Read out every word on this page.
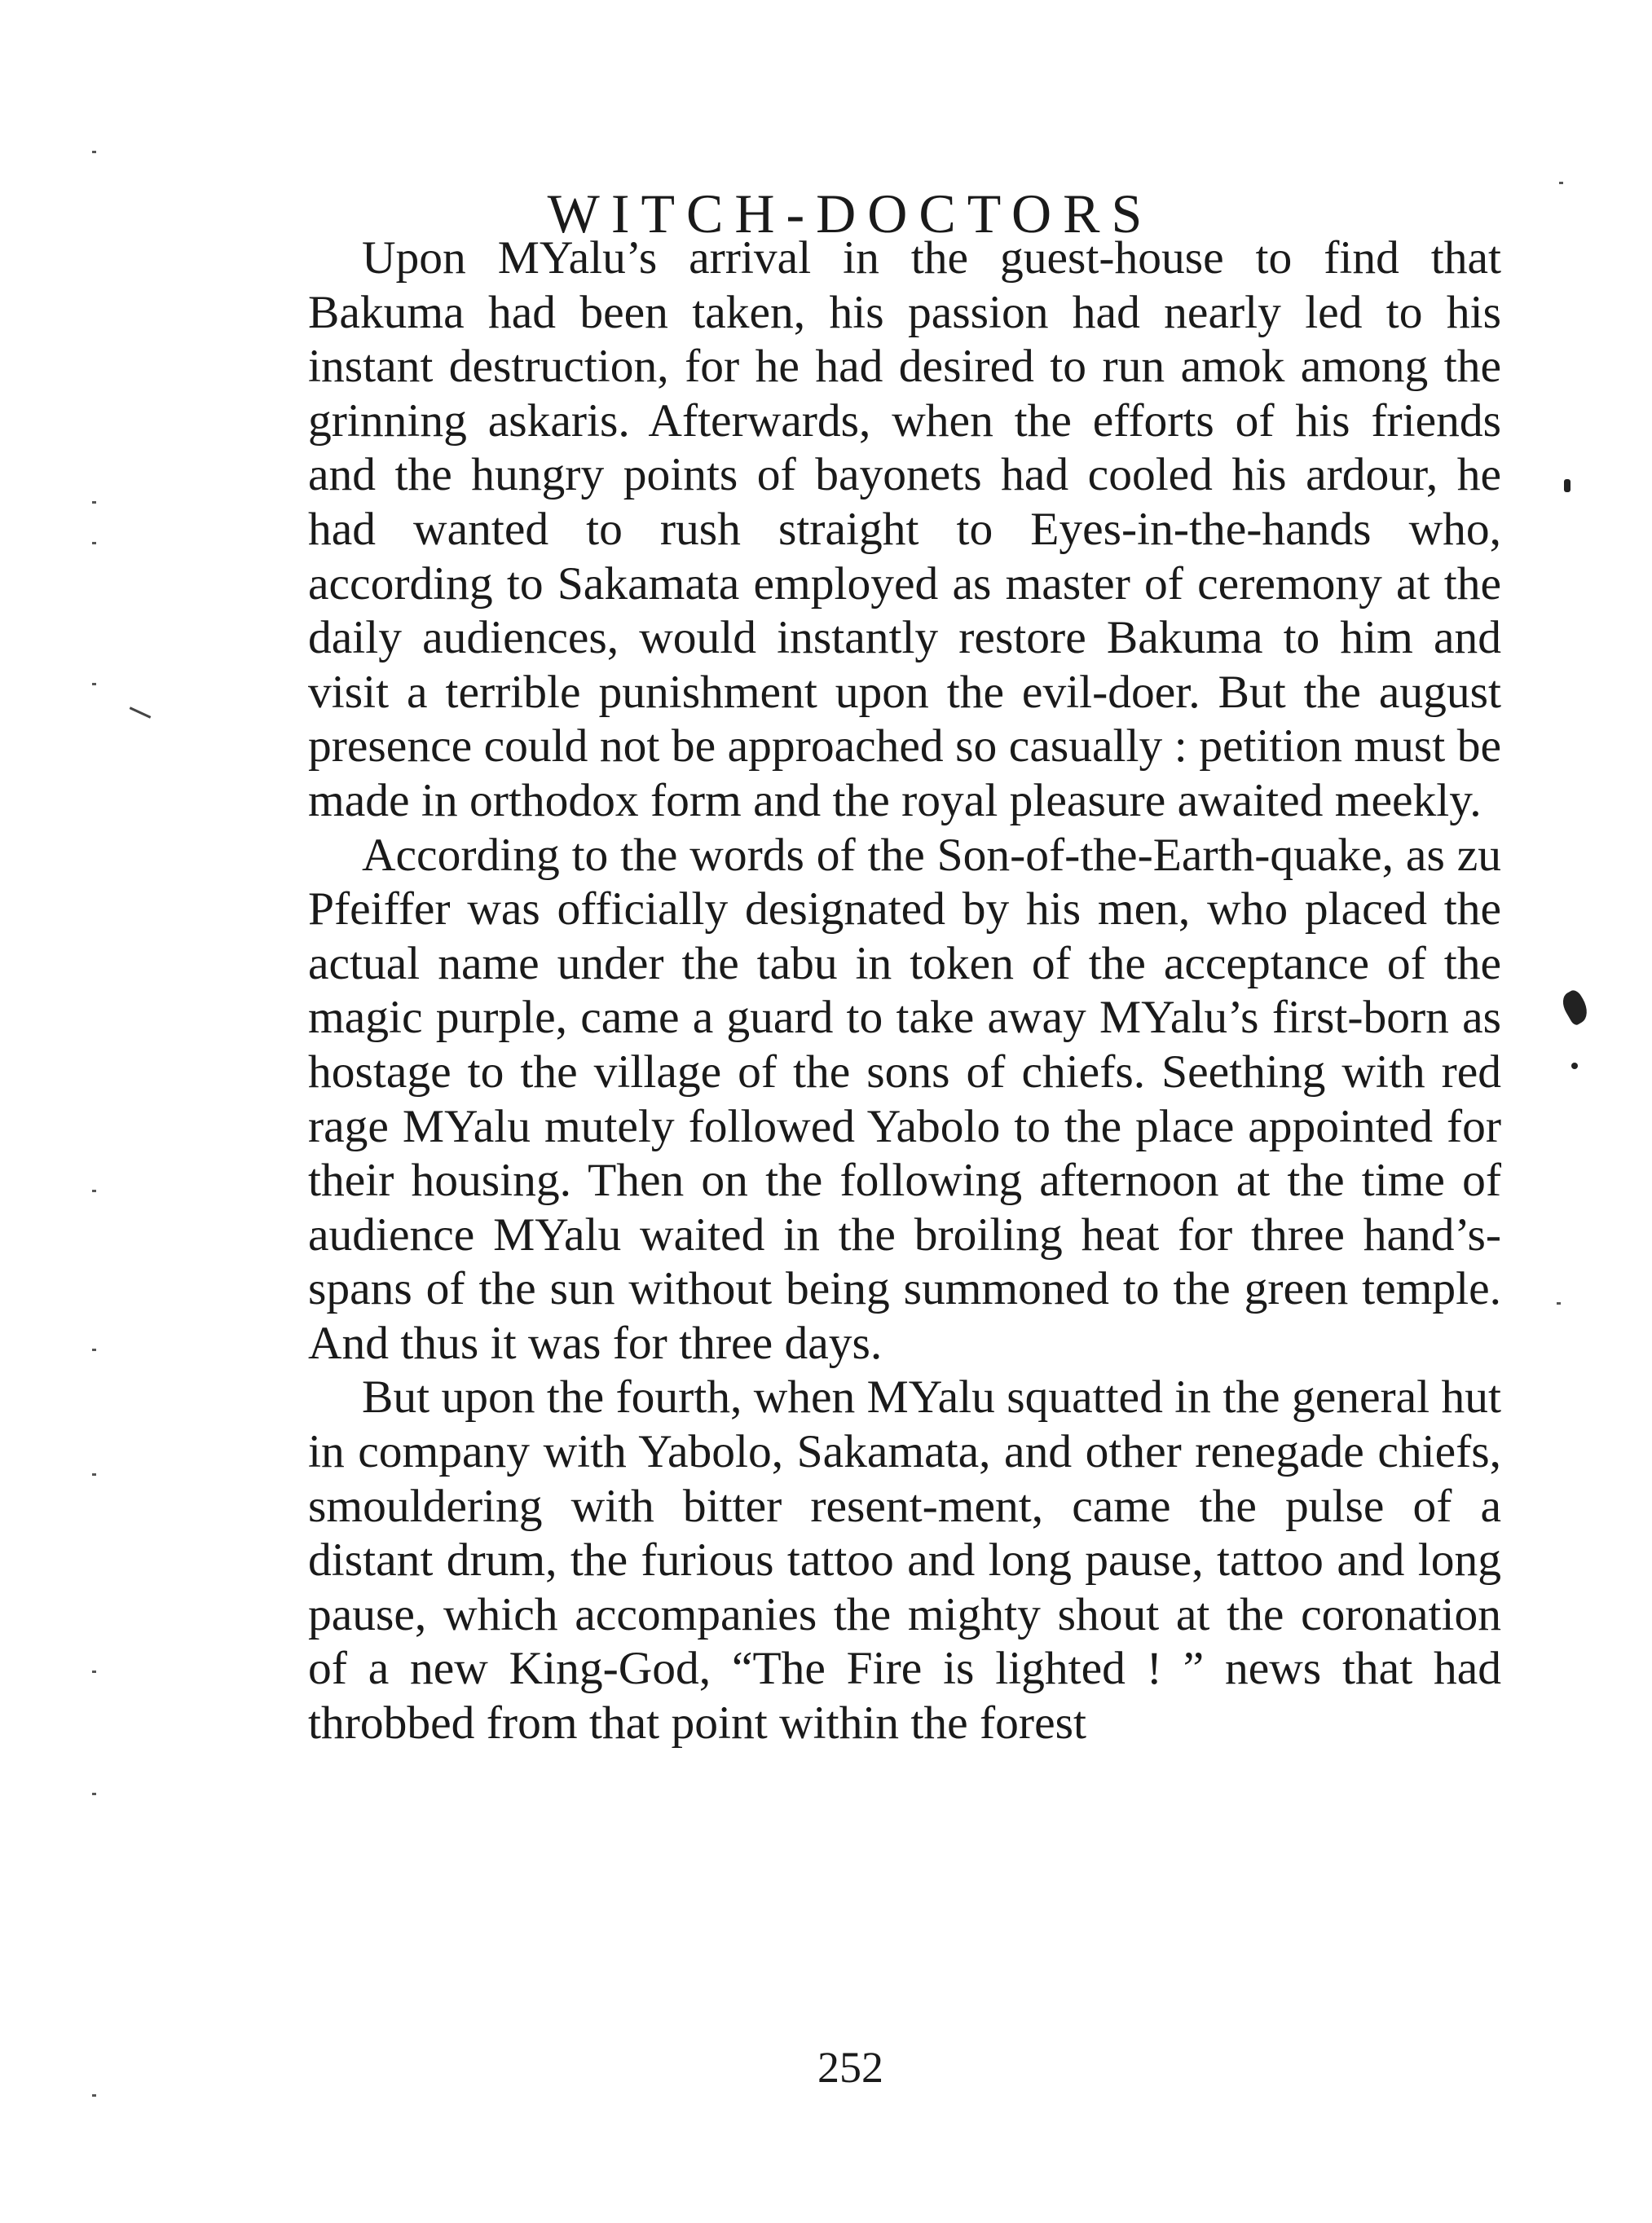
WITCH-DOCTORS

Upon MYalu’s arrival in the guest-house to find that Bakuma had been taken, his passion had nearly led to his instant destruction, for he had desired to run amok among the grinning askaris. Afterwards, when the efforts of his friends and the hungry points of bayonets had cooled his ardour, he had wanted to rush straight to Eyes-in-the-hands who, according to Sakamata employed as master of ceremony at the daily audiences, would instantly restore Bakuma to him and visit a terrible punishment upon the evil-doer. But the august presence could not be approached so casually : petition must be made in orthodox form and the royal pleasure awaited meekly.

According to the words of the Son-of-the-Earth-quake, as zu Pfeiffer was officially designated by his men, who placed the actual name under the tabu in token of the acceptance of the magic purple, came a guard to take away MYalu’s first-born as hostage to the village of the sons of chiefs. Seething with red rage MYalu mutely followed Yabolo to the place appointed for their housing. Then on the following afternoon at the time of audience MYalu waited in the broiling heat for three hand’s-spans of the sun without being summoned to the green temple. And thus it was for three days.

But upon the fourth, when MYalu squatted in the general hut in company with Yabolo, Sakamata, and other renegade chiefs, smouldering with bitter resent-ment, came the pulse of a distant drum, the furious tattoo and long pause, tattoo and long pause, which accompanies the mighty shout at the coronation of a new King-God, “The Fire is lighted ! ” news that had throbbed from that point within the forest

252
